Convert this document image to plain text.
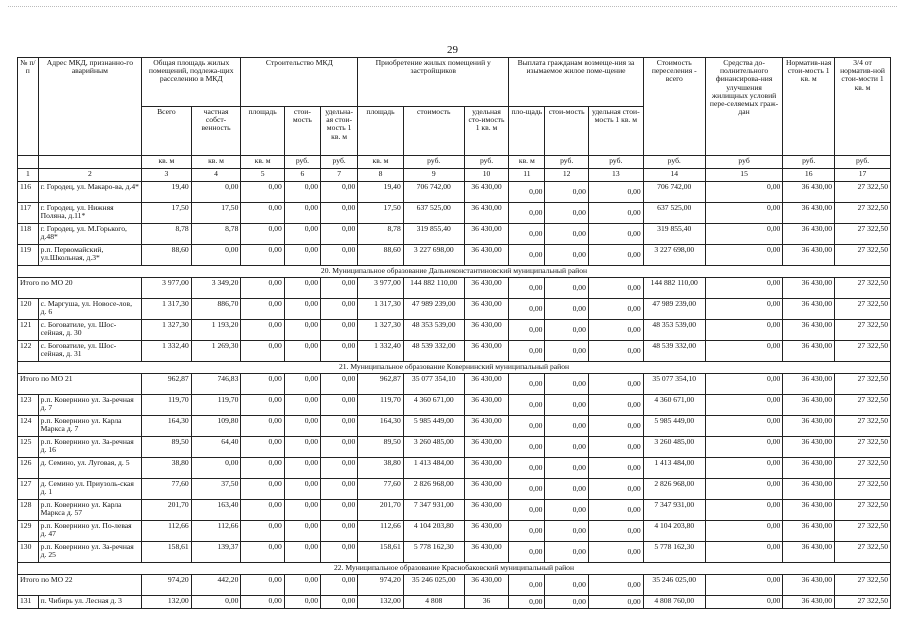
29
№ п/п	Адрес МКД, признанно-го аварийным	Общая площадь жилых помещений, подлежа-щих расселению в МКД		Строительство МКД			Приобретение жилых помещений у застройщиков			Выплата гражданам возмеще-ния за изымаемое жилое поме-щение			Стоимость переселения - всего	Средства до-полнительного финансирова-ния улучшения жилищных условий пере-селяемых граж-дан	Норматив-ная стои-мость 1 кв. м	3/4 от норматив-ной стои-мости 1 кв. м
		Всего	частная собст-венность	площадь	стои-мость	удельна-ая стои-мость 1 кв. м	площадь	стоимость	удельная сто-имость 1 кв. м	пло-щадь	стои-мость	удельная стои-мость 1 кв. м				
		кв. м	кв. м	кв. м	руб.	руб.	кв. м	руб.	руб.	кв. м	руб.	руб.	руб.	руб	руб.	руб.
1	2	3	4	5	6	7	8	9	10	11	12	13	14	15	16	17
116	г. Городец, ул. Макаро-ва, д.4*	19,40	0,00	0,00	0,00	0,00	19,40	706 742,00	36 430,00	0,00	0,00	0,00	706 742,00	0,00	36 430,00	27 322,50
117	г. Городец, ул. Нижняя Поляна, д.11*	17,50	17,50	0,00	0,00	0,00	17,50	637 525,00	36 430,00	0,00	0,00	0,00	637 525,00	0,00	36 430,00	27 322,50
118	г. Городец, ул. М.Горького, д.48*	8,78	8,78	0,00	0,00	0,00	8,78	319 855,40	36 430,00	0,00	0,00	0,00	319 855,40	0,00	36 430,00	27 322,50
119	р.п. Первомайский, ул.Школьная, д.3*	88,60	0,00	0,00	0,00	0,00	88,60	3 227 698,00	36 430,00	0,00	0,00	0,00	3 227 698,00	0,00	36 430,00	27 322,50
20. Муниципальное образование Дальнеконстантиновский муниципальный район																
Итого по МО 20		3 977,00	3 349,20	0,00	0,00	0,00	3 977,00	144 882 110,00	36 430,00	0,00	0,00	0,00	144 882 110,00	0,00	36 430,00	27 322,50
120	с. Маргуша, ул. Новосе-лов, д. 6	1 317,30	886,70	0,00	0,00	0,00	1 317,30	47 989 239,00	36 430,00	0,00	0,00	0,00	47 989 239,00	0,00	36 430,00	27 322,50
121	с. Боговатиле, ул. Шос-сейная, д. 30	1 327,30	1 193,20	0,00	0,00	0,00	1 327,30	48 353 539,00	36 430,00	0,00	0,00	0,00	48 353 539,00	0,00	36 430,00	27 322,50
122	с. Боговатиле, ул. Шос-сейная, д. 31	1 332,40	1 269,30	0,00	0,00	0,00	1 332,40	48 539 332,00	36 430,00	0,00	0,00	0,00	48 539 332,00	0,00	36 430,00	27 322,50
21. Муниципальное образование Ковернинский муниципальный район																
Итого по МО 21		962,87	746,83	0,00	0,00	0,00	962,87	35 077 354,10	36 430,00	0,00	0,00	0,00	35 077 354,10	0,00	36 430,00	27 322,50
123	р.п. Ковернино ул. За-речная д. 7	119,70	119,70	0,00	0,00	0,00	119,70	4 360 671,00	36 430,00	0,00	0,00	0,00	4 360 671,00	0,00	36 430,00	27 322,50
124	р.п. Ковернино ул. Карла Маркса д. 7	164,30	109,80	0,00	0,00	0,00	164,30	5 985 449,00	36 430,00	0,00	0,00	0,00	5 985 449,00	0,00	36 430,00	27 322,50
125	р.п. Ковернино ул. За-речная д. 16	89,50	64,40	0,00	0,00	0,00	89,50	3 260 485,00	36 430,00	0,00	0,00	0,00	3 260 485,00	0,00	36 430,00	27 322,50
126	д. Семино, ул. Луговая, д. 5	38,80	0,00	0,00	0,00	0,00	38,80	1 413 484,00	36 430,00	0,00	0,00	0,00	1 413 484,00	0,00	36 430,00	27 322,50
127	д. Семино ул. Приузоль-ская д. 1	77,60	37,50	0,00	0,00	0,00	77,60	2 826 968,00	36 430,00	0,00	0,00	0,00	2 826 968,00	0,00	36 430,00	27 322,50
128	р.п. Ковернино ул. Карла Маркса д. 57	201,70	163,40	0,00	0,00	0,00	201,70	7 347 931,00	36 430,00	0,00	0,00	0,00	7 347 931,00	0,00	36 430,00	27 322,50
129	р.п. Ковернино ул. По-левая д. 47	112,66	112,66	0,00	0,00	0,00	112,66	4 104 203,80	36 430,00	0,00	0,00	0,00	4 104 203,80	0,00	36 430,00	27 322,50
130	р.п. Ковернино ул. За-речная д. 25	158,61	139,37	0,00	0,00	0,00	158,61	5 778 162,30	36 430,00	0,00	0,00	0,00	5 778 162,30	0,00	36 430,00	27 322,50
22. Муниципальное образование Краснобаковский муниципальный район																
Итого по МО 22		974,20	442,20	0,00	0,00	0,00	974,20	35 246 025,00	36 430,00	0,00	0,00	0,00	35 246 025,00	0,00	36 430,00	27 322,50
131	п. Чибирь ул. Лесная д. 3	132,00	0,00	0,00	0,00	0,00	132,00	4 808	36	0,00	0,00	0,00	4 808 760,00	0,00	36 430,00	27 322,50
